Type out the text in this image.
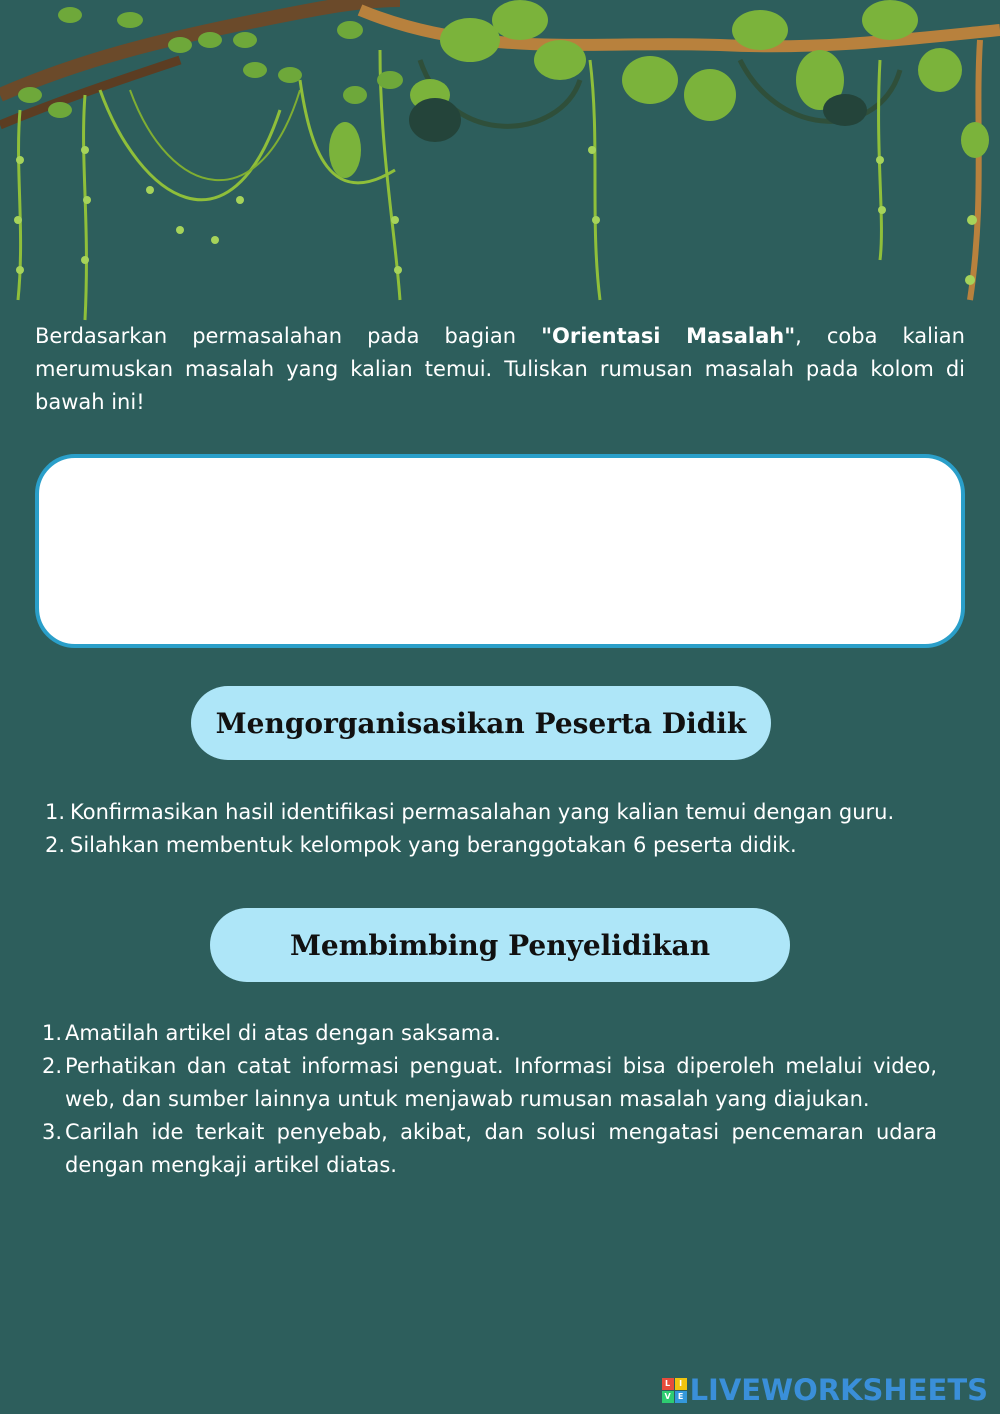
Berdasarkan permasalahan pada bagian "Orientasi Masalah", coba kalian merumuskan masalah yang kalian temui. Tuliskan rumusan masalah pada kolom di bawah ini!

Mengorganisasikan Peserta Didik
1. Konfirmasikan hasil identifikasi permasalahan yang kalian temui dengan guru.
2. Silahkan membentuk kelompok yang beranggotakan 6 peserta didik.
Membimbing Penyelidikan
1. Amatilah artikel di atas dengan saksama.
2. Perhatikan dan catat informasi penguat. Informasi bisa diperoleh melalui video, web, dan sumber lainnya untuk menjawab rumusan masalah yang diajukan.
3. Carilah ide terkait penyebab, akibat, dan solusi mengatasi pencemaran udara dengan mengkaji artikel diatas.
L	I
V E LIVEWORKSHEETS
